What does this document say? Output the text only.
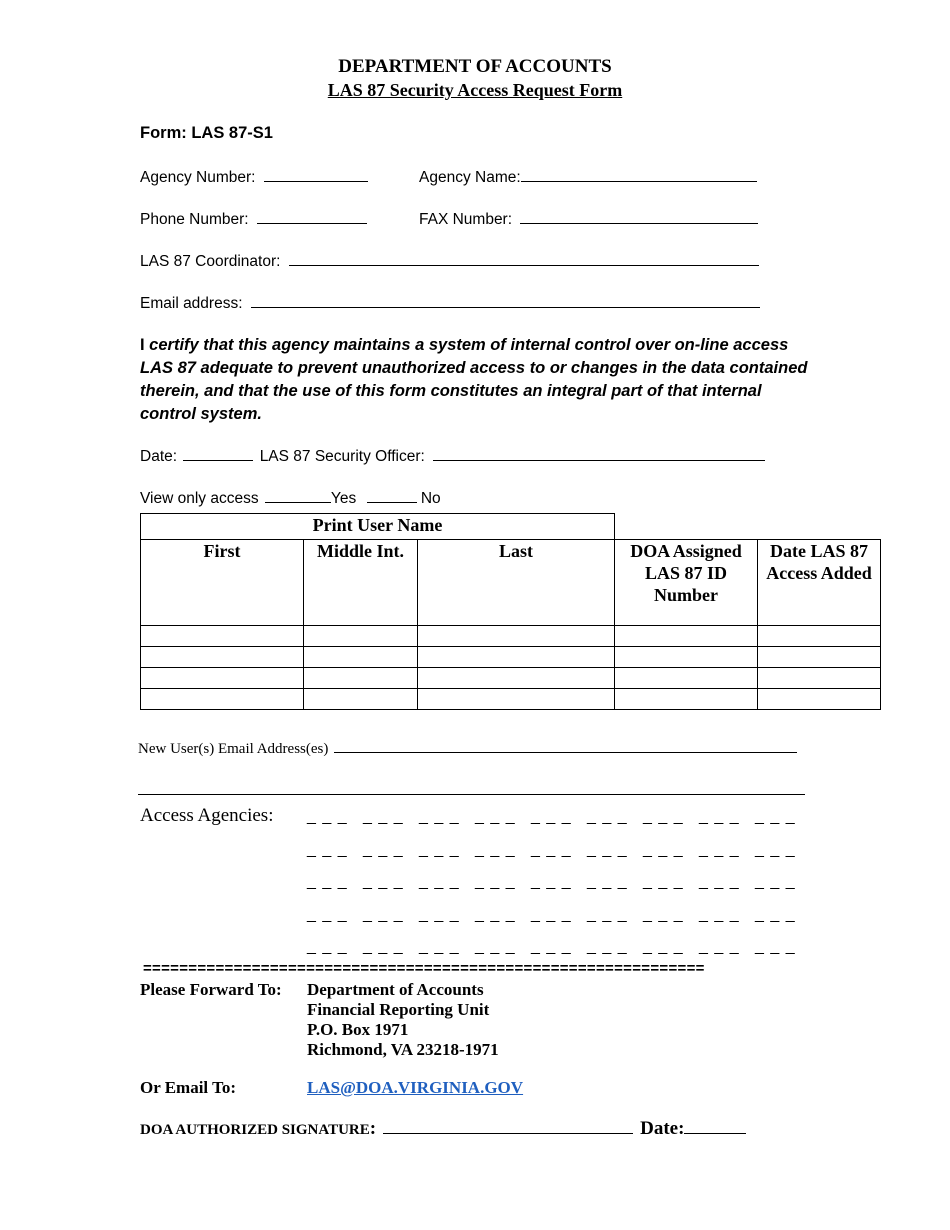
DEPARTMENT OF ACCOUNTS
LAS 87 Security Access Request Form
Form: LAS 87-S1
Agency Number:	Agency Name:
Phone Number:	FAX Number:
LAS 87 Coordinator:
Email address:
I certify that this agency maintains a system of internal control over on-line access LAS 87 adequate to prevent unauthorized access to or changes in the data contained therein, and that the use of this form constitutes an integral part of that internal control system.
Date:	LAS 87 Security Officer:
View only access	Yes	No
Print User Name				
First	Middle Int.	Last	DOA Assigned LAS 87 ID Number	Date LAS 87 Access Added

New User(s) Email Address(es)
Access Agencies: _ _ _ _ _ _ _ _ _ _ _ _ _ _ _ _ _ _ _ _ _ _ _ _ _ _ _
_ _ _ _ _ _ _ _ _ _ _ _ _ _ _ _ _ _ _ _ _ _ _ _ _ _ _
_ _ _ _ _ _ _ _ _ _ _ _ _ _ _ _ _ _ _ _ _ _ _ _ _ _ _
_ _ _ _ _ _ _ _ _ _ _ _ _ _ _ _ _ _ _ _ _ _ _ _ _ _ _
_ _ _ _ _ _ _ _ _ _ _ _ _ _ _ _ _ _ _ _ _ _ _ _ _ _ _
==============================================================
Please Forward To: Department of Accounts
Financial Reporting Unit
P.O. Box 1971
Richmond, VA 23218-1971
Or Email To:	LAS@DOA.VIRGINIA.GOV
DOA AUTHORIZED SIGNATURE:	Date:
